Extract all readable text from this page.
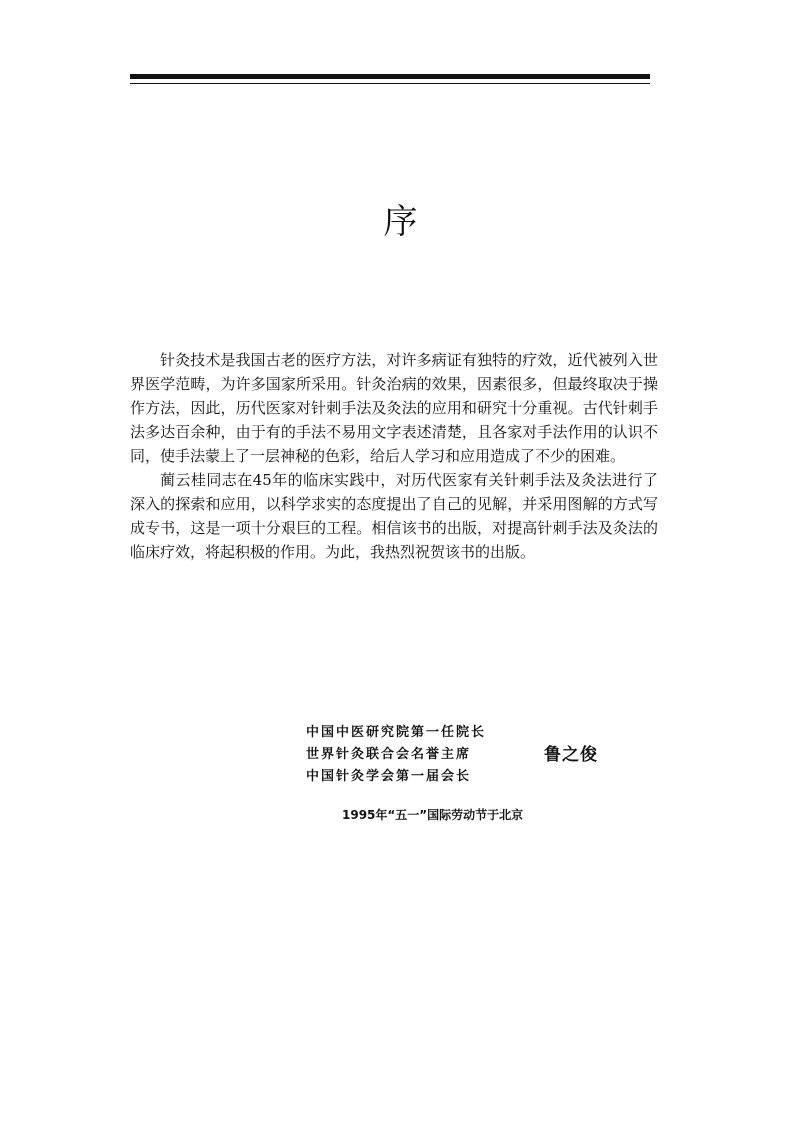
序

针灸技术是我国古老的医疗方法，对许多病证有独特的疗效，近代被列入世界医学范畴，为许多国家所采用。针灸治病的效果，因素很多，但最终取决于操作方法，因此，历代医家对针刺手法及灸法的应用和研究十分重视。古代针刺手法多达百余种，由于有的手法不易用文字表述清楚，且各家对手法作用的认识不同，使手法蒙上了一层神秘的色彩，给后人学习和应用造成了不少的困难。

蔺云桂同志在45年的临床实践中，对历代医家有关针刺手法及灸法进行了深入的探索和应用，以科学求实的态度提出了自己的见解，并采用图解的方式写成专书，这是一项十分艰巨的工程。相信该书的出版，对提高针刺手法及灸法的临床疗效，将起积极的作用。为此，我热烈祝贺该书的出版。

中国中医研究院第一任院长
世界针灸联合会名誉主席
中国针灸学会第一届会长
鲁之俊
1995年“五一”国际劳动节于北京
